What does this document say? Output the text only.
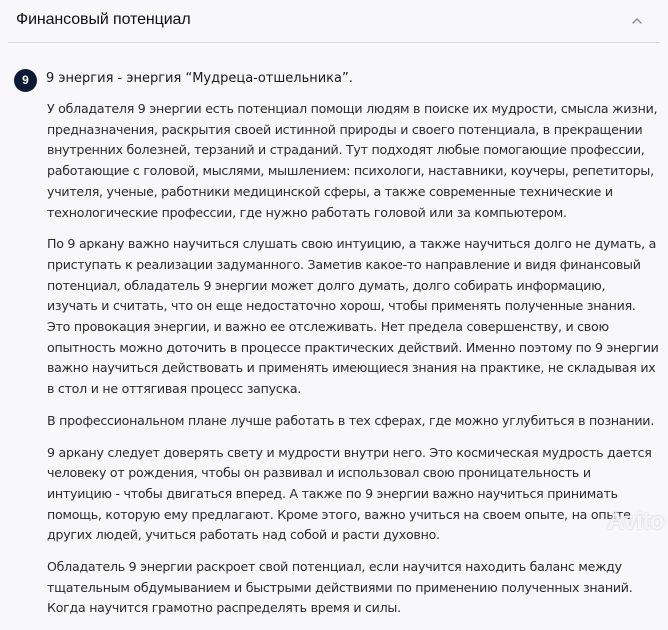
Финансовый потенциал
9	9 энергия - энергия “Мудреца-отшельника”.

У обладателя 9 энергии есть потенциал помощи людям в поиске их мудрости, смысла жизни, предназначения, раскрытия своей истинной природы и своего потенциала, в прекращении внутренних болезней, терзаний и страданий. Тут подходят любые помогающие профессии, работающие с головой, мыслями, мышлением: психологи, наставники, коучеры, репетиторы, учителя, ученые, работники медицинской сферы, а также современные технические и технологические профессии, где нужно работать головой или за компьютером.

По 9 аркану важно научиться слушать свою интуицию, а также научиться долго не думать, а приступать к реализации задуманного. Заметив какое-то направление и видя финансовый потенциал, обладатель 9 энергии может долго думать, долго собирать информацию, изучать и считать, что он еще недостаточно хорош, чтобы применять полученные знания. Это провокация энергии, и важно ее отслеживать. Нет предела совершенству, и свою опытность можно доточить в процессе практических действий. Именно поэтому по 9 энергии важно научиться действовать и применять имеющиеся знания на практике, не складывая их в стол и не оттягивая процесс запуска.

В профессиональном плане лучше работать в тех сферах, где можно углубиться в познании.

9 аркану следует доверять свету и мудрости внутри него. Это космическая мудрость дается человеку от рождения, чтобы он развивал и использовал свою проницательность и интуицию - чтобы двигаться вперед. А также по 9 энергии важно научиться принимать помощь, которую ему предлагают. Кроме этого, важно учиться на своем опыте, на опыте других людей, учиться работать над собой и расти духовно.

Обладатель 9 энергии раскроет свой потенциал, если научится находить баланс между тщательным обдумыванием и быстрыми действиями по применению полученных знаний. Когда научится грамотно распределять время и силы.

Avito
